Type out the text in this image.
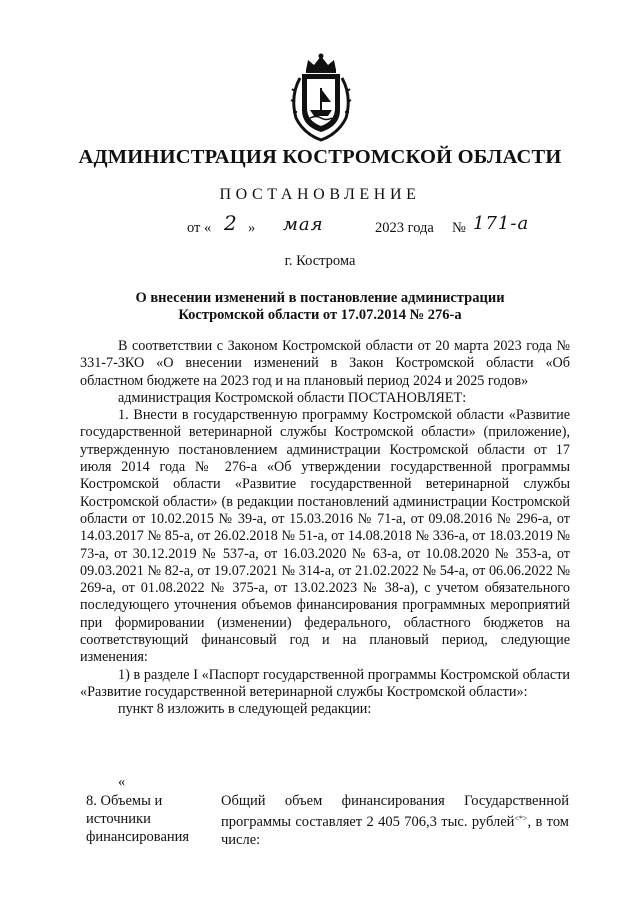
АДМИНИСТРАЦИЯ КОСТРОМСКОЙ ОБЛАСТИ
ПОСТАНОВЛЕНИЕ
от « 2 » мая	2023 года № 171-а
г. Кострома
О внесении изменений в постановление администрации
Костромской области от 17.07.2014 № 276-а

В соответствии с Законом Костромской области от 20 марта 2023 года № 331-7-ЗКО «О внесении изменений в Закон Костромской области «Об областном бюджете на 2023 год и на плановый период 2024 и 2025 годов»

администрация Костромской области ПОСТАНОВЛЯЕТ:

1. Внести в государственную программу Костромской области «Развитие государственной ветеринарной службы Костромской области» (приложение), утвержденную постановлением администрации Костромской области от 17 июля 2014 года № 276-а «Об утверждении государственной программы Костромской области «Развитие государственной ветеринарной службы Костромской области» (в редакции постановлений администрации Костромской области от 10.02.2015 № 39-а, от 15.03.2016 № 71-а, от 09.08.2016 № 296-а, от 14.03.2017 № 85-а, от 26.02.2018 № 51-а, от 14.08.2018 № 336-а, от 18.03.2019 № 73-а, от 30.12.2019 № 537-а, от 16.03.2020 № 63-а, от 10.08.2020 № 353-а, от 09.03.2021 № 82-а, от 19.07.2021 № 314-а, от 21.02.2022 № 54-а, от 06.06.2022 № 269-а, от 01.08.2022 № 375-а, от 13.02.2023 № 38-а), с учетом обязательного последующего уточнения объемов финансирования программных мероприятий при формировании (изменении) федерального, областного бюджетов на соответствующий финансовый год и на плановый период, следующие изменения:

1) в разделе I «Паспорт государственной программы Костромской области «Развитие государственной ветеринарной службы Костромской области»:

пункт 8 изложить в следующей редакции:

«
8. Объемы и
источники
финансирования
Общий объем финансирования Государственной программы составляет 2 405 706,3 тыс. рублей<*>, в том числе:
